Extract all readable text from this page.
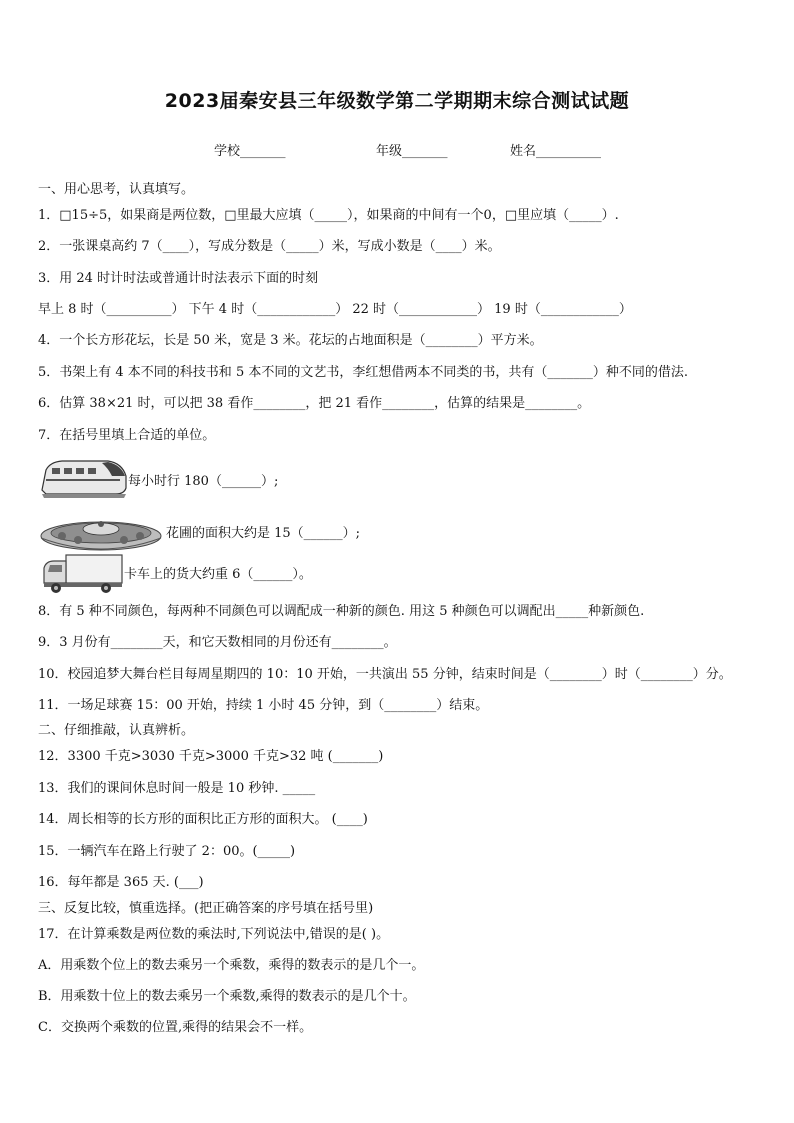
2023届秦安县三年级数学第二学期期末综合测试试题
学校_______	年级_______	姓名__________
一、用心思考，认真填写。
1．□15÷5，如果商是两位数，□里最大应填（_____），如果商的中间有一个0，□里应填（_____）.
2．一张课桌高约 7（____），写成分数是（_____）米，写成小数是（____）米。
3．用 24 时计时法或普通计时法表示下面的时刻
早上 8 时（__________） 下午 4 时（____________） 22 时（____________） 19 时（____________）
4．一个长方形花坛，长是 50 米，宽是 3 米。花坛的占地面积是（________）平方米。
5．书架上有 4 本不同的科技书和 5 本不同的文艺书，李红想借两本不同类的书，共有（_______）种不同的借法.
6．估算 38×21 时，可以把 38 看作________，把 21 看作________，估算的结果是________。
7．在括号里填上合适的单位。
每小时行 180（______）;
花圃的面积大约是 15（______）;
卡车上的货大约重 6（______）。
8．有 5 种不同颜色，每两种不同颜色可以调配成一种新的颜色. 用这 5 种颜色可以调配出_____种新颜色.
9．3 月份有________天，和它天数相同的月份还有________。
10．校园追梦大舞台栏目每周星期四的 10：10 开始，一共演出 55 分钟，结束时间是（________）时（________）分。
11．一场足球赛 15：00 开始，持续 1 小时 45 分钟，到（________）结束。
二、仔细推敲，认真辨析。
12．3300 千克>3030 千克>3000 千克>32 吨 (_______)
13．我们的课间休息时间一般是 10 秒钟. _____
14．周长相等的长方形的面积比正方形的面积大。 (____)
15．一辆汽车在路上行驶了 2：00。(_____)
16．每年都是 365 天. (___)
三、反复比较，慎重选择。(把正确答案的序号填在括号里)
17．在计算乘数是两位数的乘法时,下列说法中,错误的是( )。
A．用乘数个位上的数去乘另一个乘数，乘得的数表示的是几个一。
B．用乘数十位上的数去乘另一个乘数,乘得的数表示的是几个十。
C．交换两个乘数的位置,乘得的结果会不一样。
